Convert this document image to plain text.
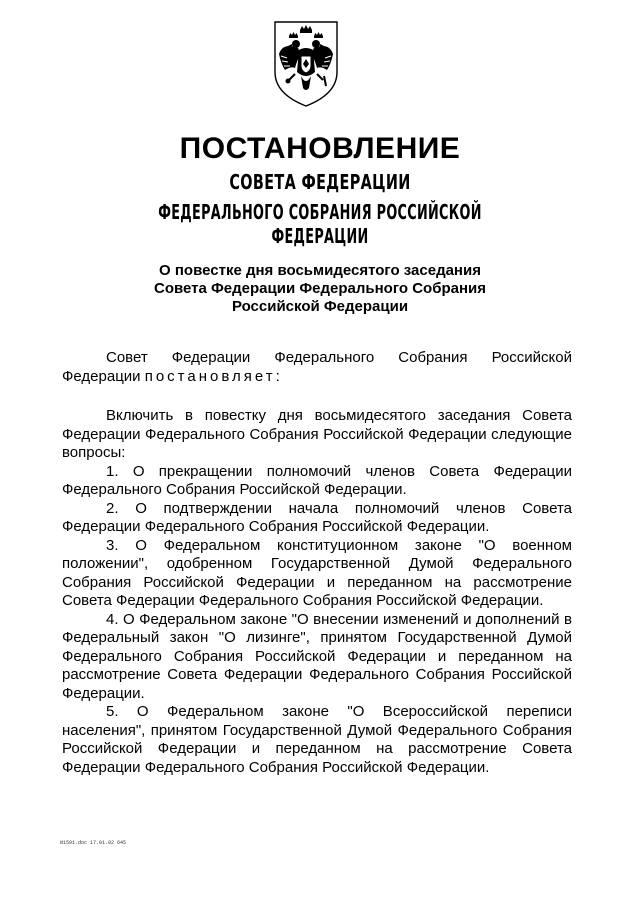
ПОСТАНОВЛЕНИЕ
СОВЕТА ФЕДЕРАЦИИ
ФЕДЕРАЛЬНОГО СОБРАНИЯ РОССИЙСКОЙ ФЕДЕРАЦИИ
О повестке дня восьмидесятого заседания
Совета Федерации Федерального Собрания
Российской Федерации

Совет Федерации Федерального Собрания Российской Федерации постановляет:

Включить в повестку дня восьмидесятого заседания Совета Федерации Федерального Собрания Российской Федерации следующие вопросы:

1. О прекращении полномочий членов Совета Федерации Федерального Собрания Российской Федерации.

2. О подтверждении начала полномочий членов Совета Федерации Федерального Собрания Российской Федерации.

3. О Федеральном конституционном законе "О военном положении", одобренном Государственной Думой Федерального Собрания Российской Федерации и переданном на рассмотрение Совета Федерации Федерального Собрания Российской Федерации.

4. О Федеральном законе "О внесении изменений и дополнений в Федеральный закон "О лизинге", принятом Государственной Думой Федерального Собрания Российской Федерации и переданном на рассмотрение Совета Федерации Федерального Собрания Российской Федерации.

5. О Федеральном законе "О Всероссийской переписи населения", принятом Государственной Думой Федерального Собрания Российской Федерации и переданном на рассмотрение Совета Федерации Федерального Собрания Российской Федерации.

И1591.doc 17.01.02 645
